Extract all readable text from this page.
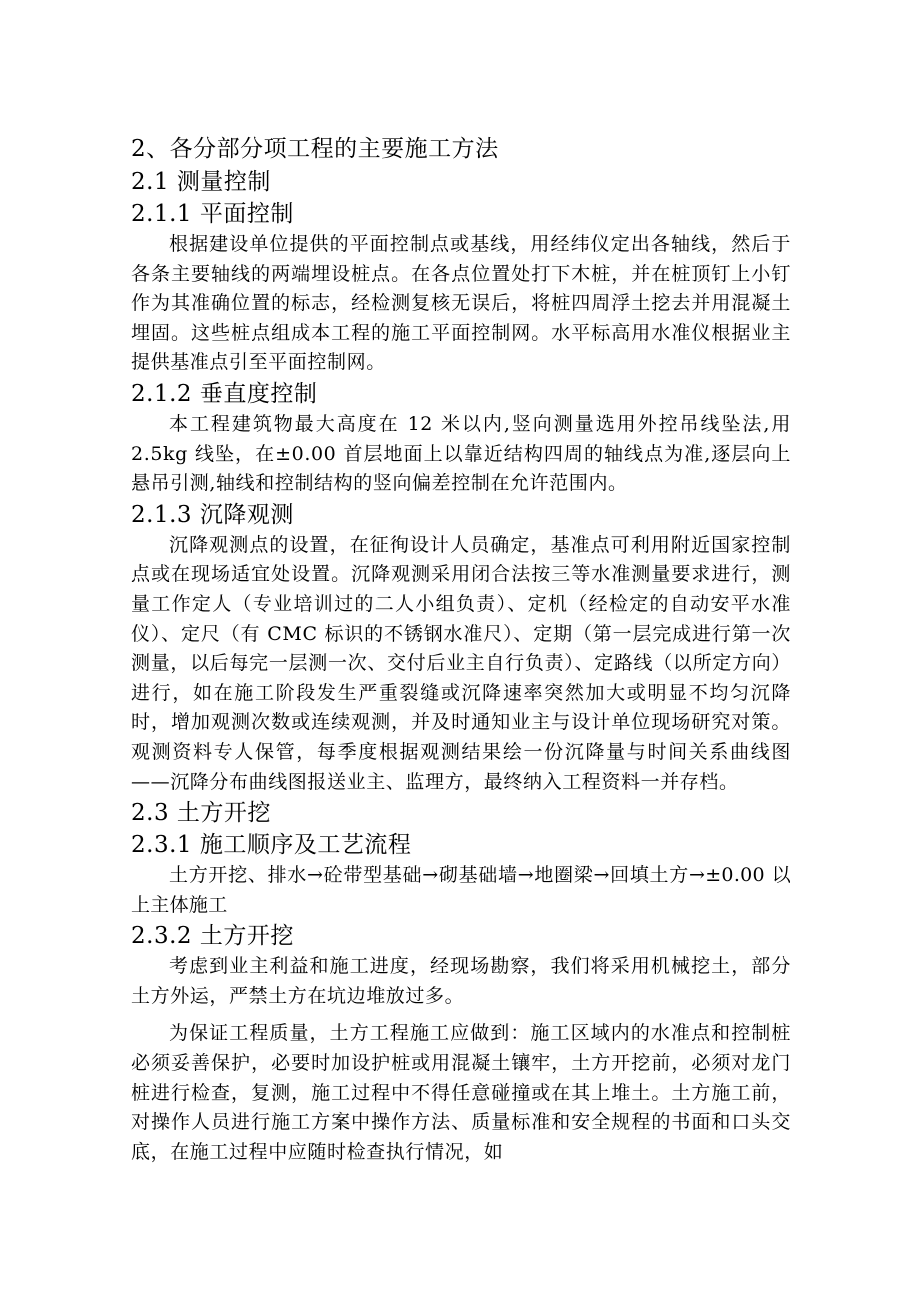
2、各分部分项工程的主要施工方法
2.1 测量控制
2.1.1 平面控制

根据建设单位提供的平面控制点或基线，用经纬仪定出各轴线，然后于各条主要轴线的两端埋设桩点。在各点位置处打下木桩，并在桩顶钉上小钉作为其准确位置的标志，经检测复核无误后，将桩四周浮土挖去并用混凝土埋固。这些桩点组成本工程的施工平面控制网。水平标高用水准仪根据业主提供基准点引至平面控制网。

2.1.2 垂直度控制

本工程建筑物最大高度在 12 米以内,竖向测量选用外控吊线坠法,用 2.5kg 线坠，在±0.00 首层地面上以靠近结构四周的轴线点为准,逐层向上悬吊引测,轴线和控制结构的竖向偏差控制在允许范围内。

2.1.3 沉降观测

沉降观测点的设置，在征徇设计人员确定，基准点可利用附近国家控制点或在现场适宜处设置。沉降观测采用闭合法按三等水准测量要求进行，测量工作定人（专业培训过的二人小组负责）、定机（经检定的自动安平水准仪）、定尺（有 CMC 标识的不锈钢水准尺）、定期（第一层完成进行第一次测量，以后每完一层测一次、交付后业主自行负责）、定路线（以所定方向）进行，如在施工阶段发生严重裂缝或沉降速率突然加大或明显不均匀沉降时，增加观测次数或连续观测，并及时通知业主与设计单位现场研究对策。观测资料专人保管，每季度根据观测结果绘一份沉降量与时间关系曲线图——沉降分布曲线图报送业主、监理方，最终纳入工程资料一并存档。

2.3 土方开挖
2.3.1 施工顺序及工艺流程

土方开挖、排水→砼带型基础→砌基础墙→地圈梁→回填土方→±0.00 以上主体施工

2.3.2 土方开挖

考虑到业主利益和施工进度，经现场勘察，我们将采用机械挖土，部分土方外运，严禁土方在坑边堆放过多。

为保证工程质量，土方工程施工应做到：施工区域内的水准点和控制桩必须妥善保护，必要时加设护桩或用混凝土镶牢，土方开挖前，必须对龙门桩进行检查，复测，施工过程中不得任意碰撞或在其上堆土。土方施工前，对操作人员进行施工方案中操作方法、质量标准和安全规程的书面和口头交底，在施工过程中应随时检查执行情况，如
